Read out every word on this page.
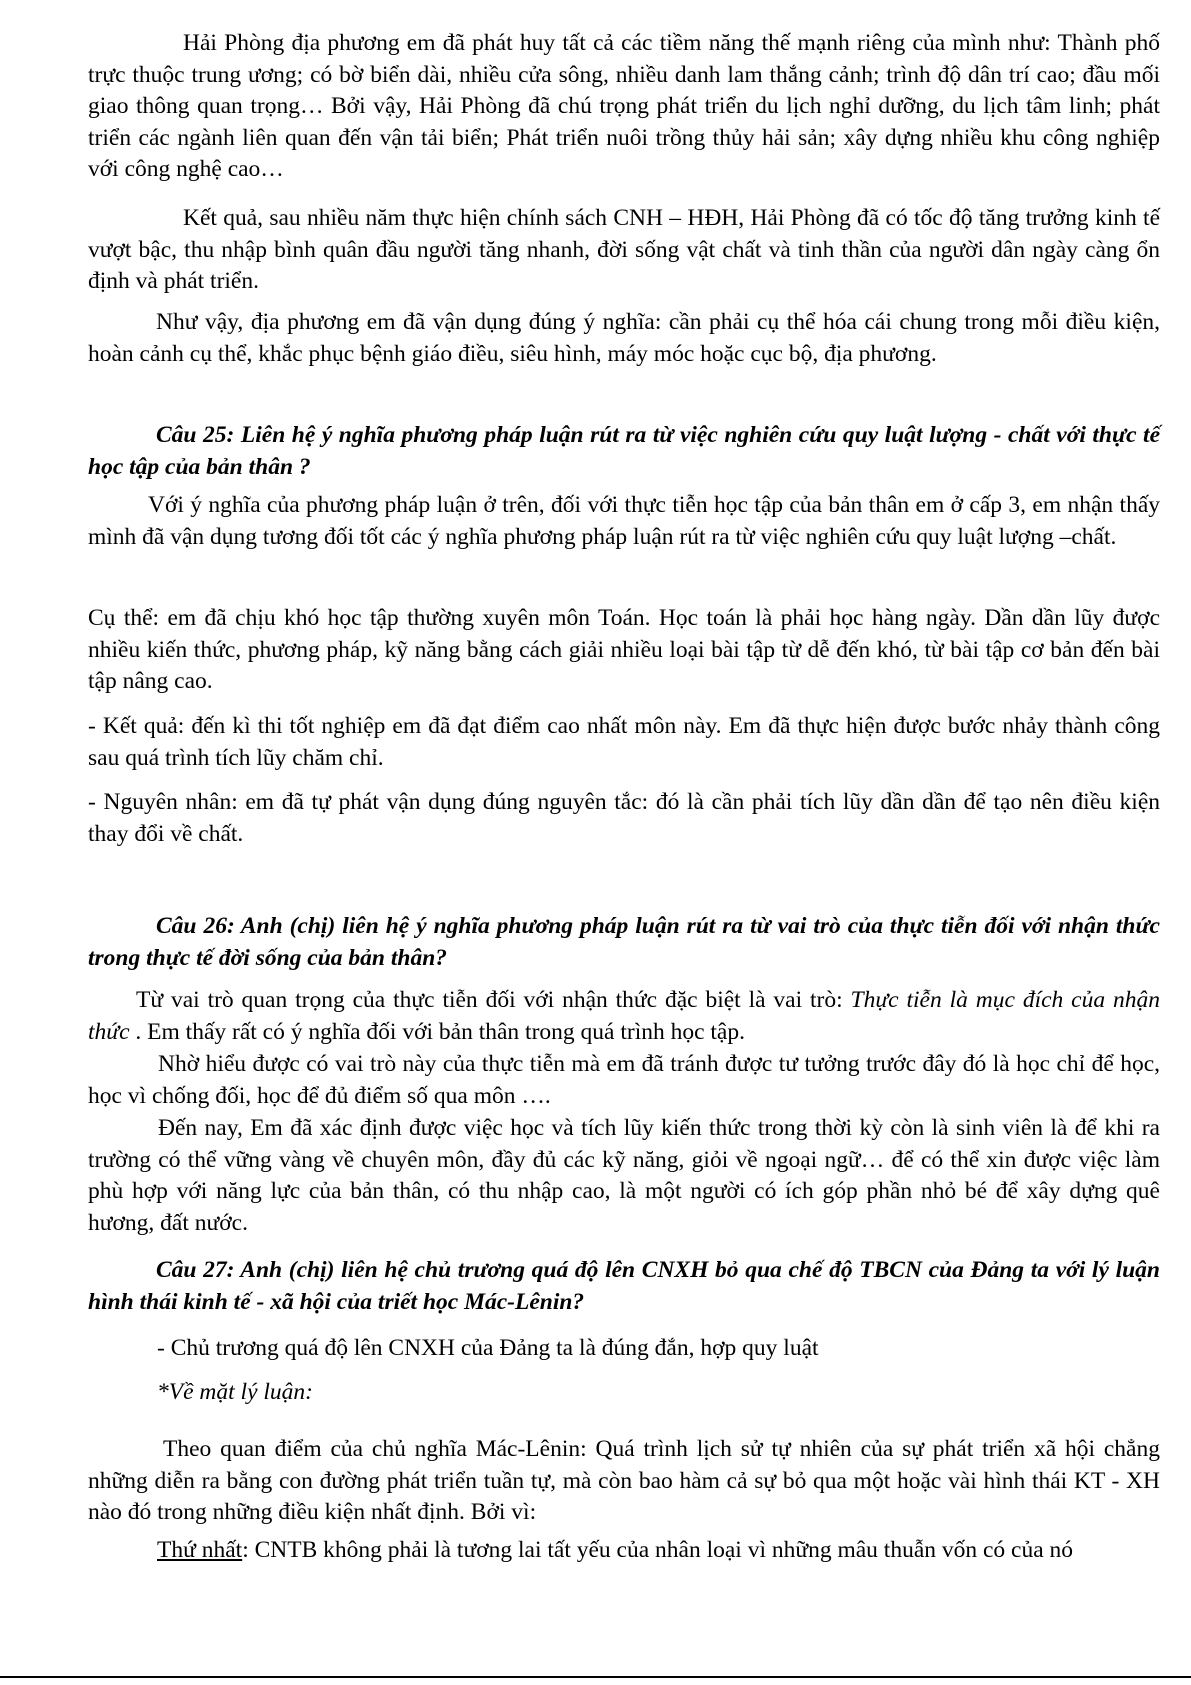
Hải Phòng địa phương em đã phát huy tất cả các tiềm năng thế mạnh riêng của mình như: Thành phố trực thuộc trung ương; có bờ biển dài, nhiều cửa sông, nhiều danh lam thắng cảnh; trình độ dân trí cao; đầu mối giao thông quan trọng… Bởi vậy, Hải Phòng đã chú trọng phát triển du lịch nghỉ dưỡng, du lịch tâm linh; phát triển các ngành liên quan đến vận tải biển; Phát triển nuôi trồng thủy hải sản; xây dựng nhiều khu công nghiệp với công nghệ cao…

Kết quả, sau nhiều năm thực hiện chính sách CNH – HĐH, Hải Phòng đã có tốc độ tăng trưởng kinh tế vượt bậc, thu nhập bình quân đầu người tăng nhanh, đời sống vật chất và tinh thần của người dân ngày càng ổn định và phát triển.

Như vậy, địa phương em đã vận dụng đúng ý nghĩa: cần phải cụ thể hóa cái chung trong mỗi điều kiện, hoàn cảnh cụ thể, khắc phục bệnh giáo điều, siêu hình, máy móc hoặc cục bộ, địa phương.

Câu 25: Liên hệ ý nghĩa phương pháp luận rút ra từ việc nghiên cứu quy luật lượng - chất với thực tế học tập của bản thân ?

Với ý nghĩa của phương pháp luận ở trên, đối với thực tiễn học tập của bản thân em ở cấp 3, em nhận thấy mình đã vận dụng tương đối tốt các ý nghĩa phương pháp luận rút ra từ việc nghiên cứu quy luật lượng –chất.

Cụ thể: em đã chịu khó học tập thường xuyên môn Toán. Học toán là phải học hàng ngày. Dần dần lũy được nhiều kiến thức, phương pháp, kỹ năng bằng cách giải nhiều loại bài tập từ dễ đến khó, từ bài tập cơ bản đến bài tập nâng cao.

- Kết quả: đến kì thi tốt nghiệp em đã đạt điểm cao nhất môn này. Em đã thực hiện được bước nhảy thành công sau quá trình tích lũy chăm chỉ.

- Nguyên nhân: em đã tự phát vận dụng đúng nguyên tắc: đó là cần phải tích lũy dần dần để tạo nên điều kiện thay đổi về chất.

Câu 26: Anh (chị) liên hệ ý nghĩa phương pháp luận rút ra từ vai trò của thực tiễn đối với nhận thức trong thực tế đời sống của bản thân?

Từ vai trò quan trọng của thực tiễn đối với nhận thức đặc biệt là vai trò: Thực tiễn là mục đích của nhận thức . Em thấy rất có ý nghĩa đối với bản thân trong quá trình học tập.

Nhờ hiểu được có vai trò này của thực tiễn mà em đã tránh được tư tưởng trước đây đó là học chỉ để học, học vì chống đối, học để đủ điểm số qua môn ….

Đến nay, Em đã xác định được việc học và tích lũy kiến thức trong thời kỳ còn là sinh viên là để khi ra trường có thể vững vàng về chuyên môn, đầy đủ các kỹ năng, giỏi về ngoại ngữ… để có thể xin được việc làm phù hợp với năng lực của bản thân, có thu nhập cao, là một người có ích góp phần nhỏ bé để xây dựng quê hương, đất nước.

Câu 27: Anh (chị) liên hệ chủ trương quá độ lên CNXH bỏ qua chế độ TBCN của Đảng ta với lý luận hình thái kinh tế - xã hội của triết học Mác-Lênin?

- Chủ trương quá độ lên CNXH của Đảng ta là đúng đắn, hợp quy luật

*Về mặt lý luận:

Theo quan điểm của chủ nghĩa Mác-Lênin: Quá trình lịch sử tự nhiên của sự phát triển xã hội chẳng những diễn ra bằng con đường phát triển tuần tự, mà còn bao hàm cả sự bỏ qua một hoặc vài hình thái KT - XH nào đó trong những điều kiện nhất định. Bởi vì:

Thứ nhất: CNTB không phải là tương lai tất yếu của nhân loại vì những mâu thuẫn vốn có của nó
